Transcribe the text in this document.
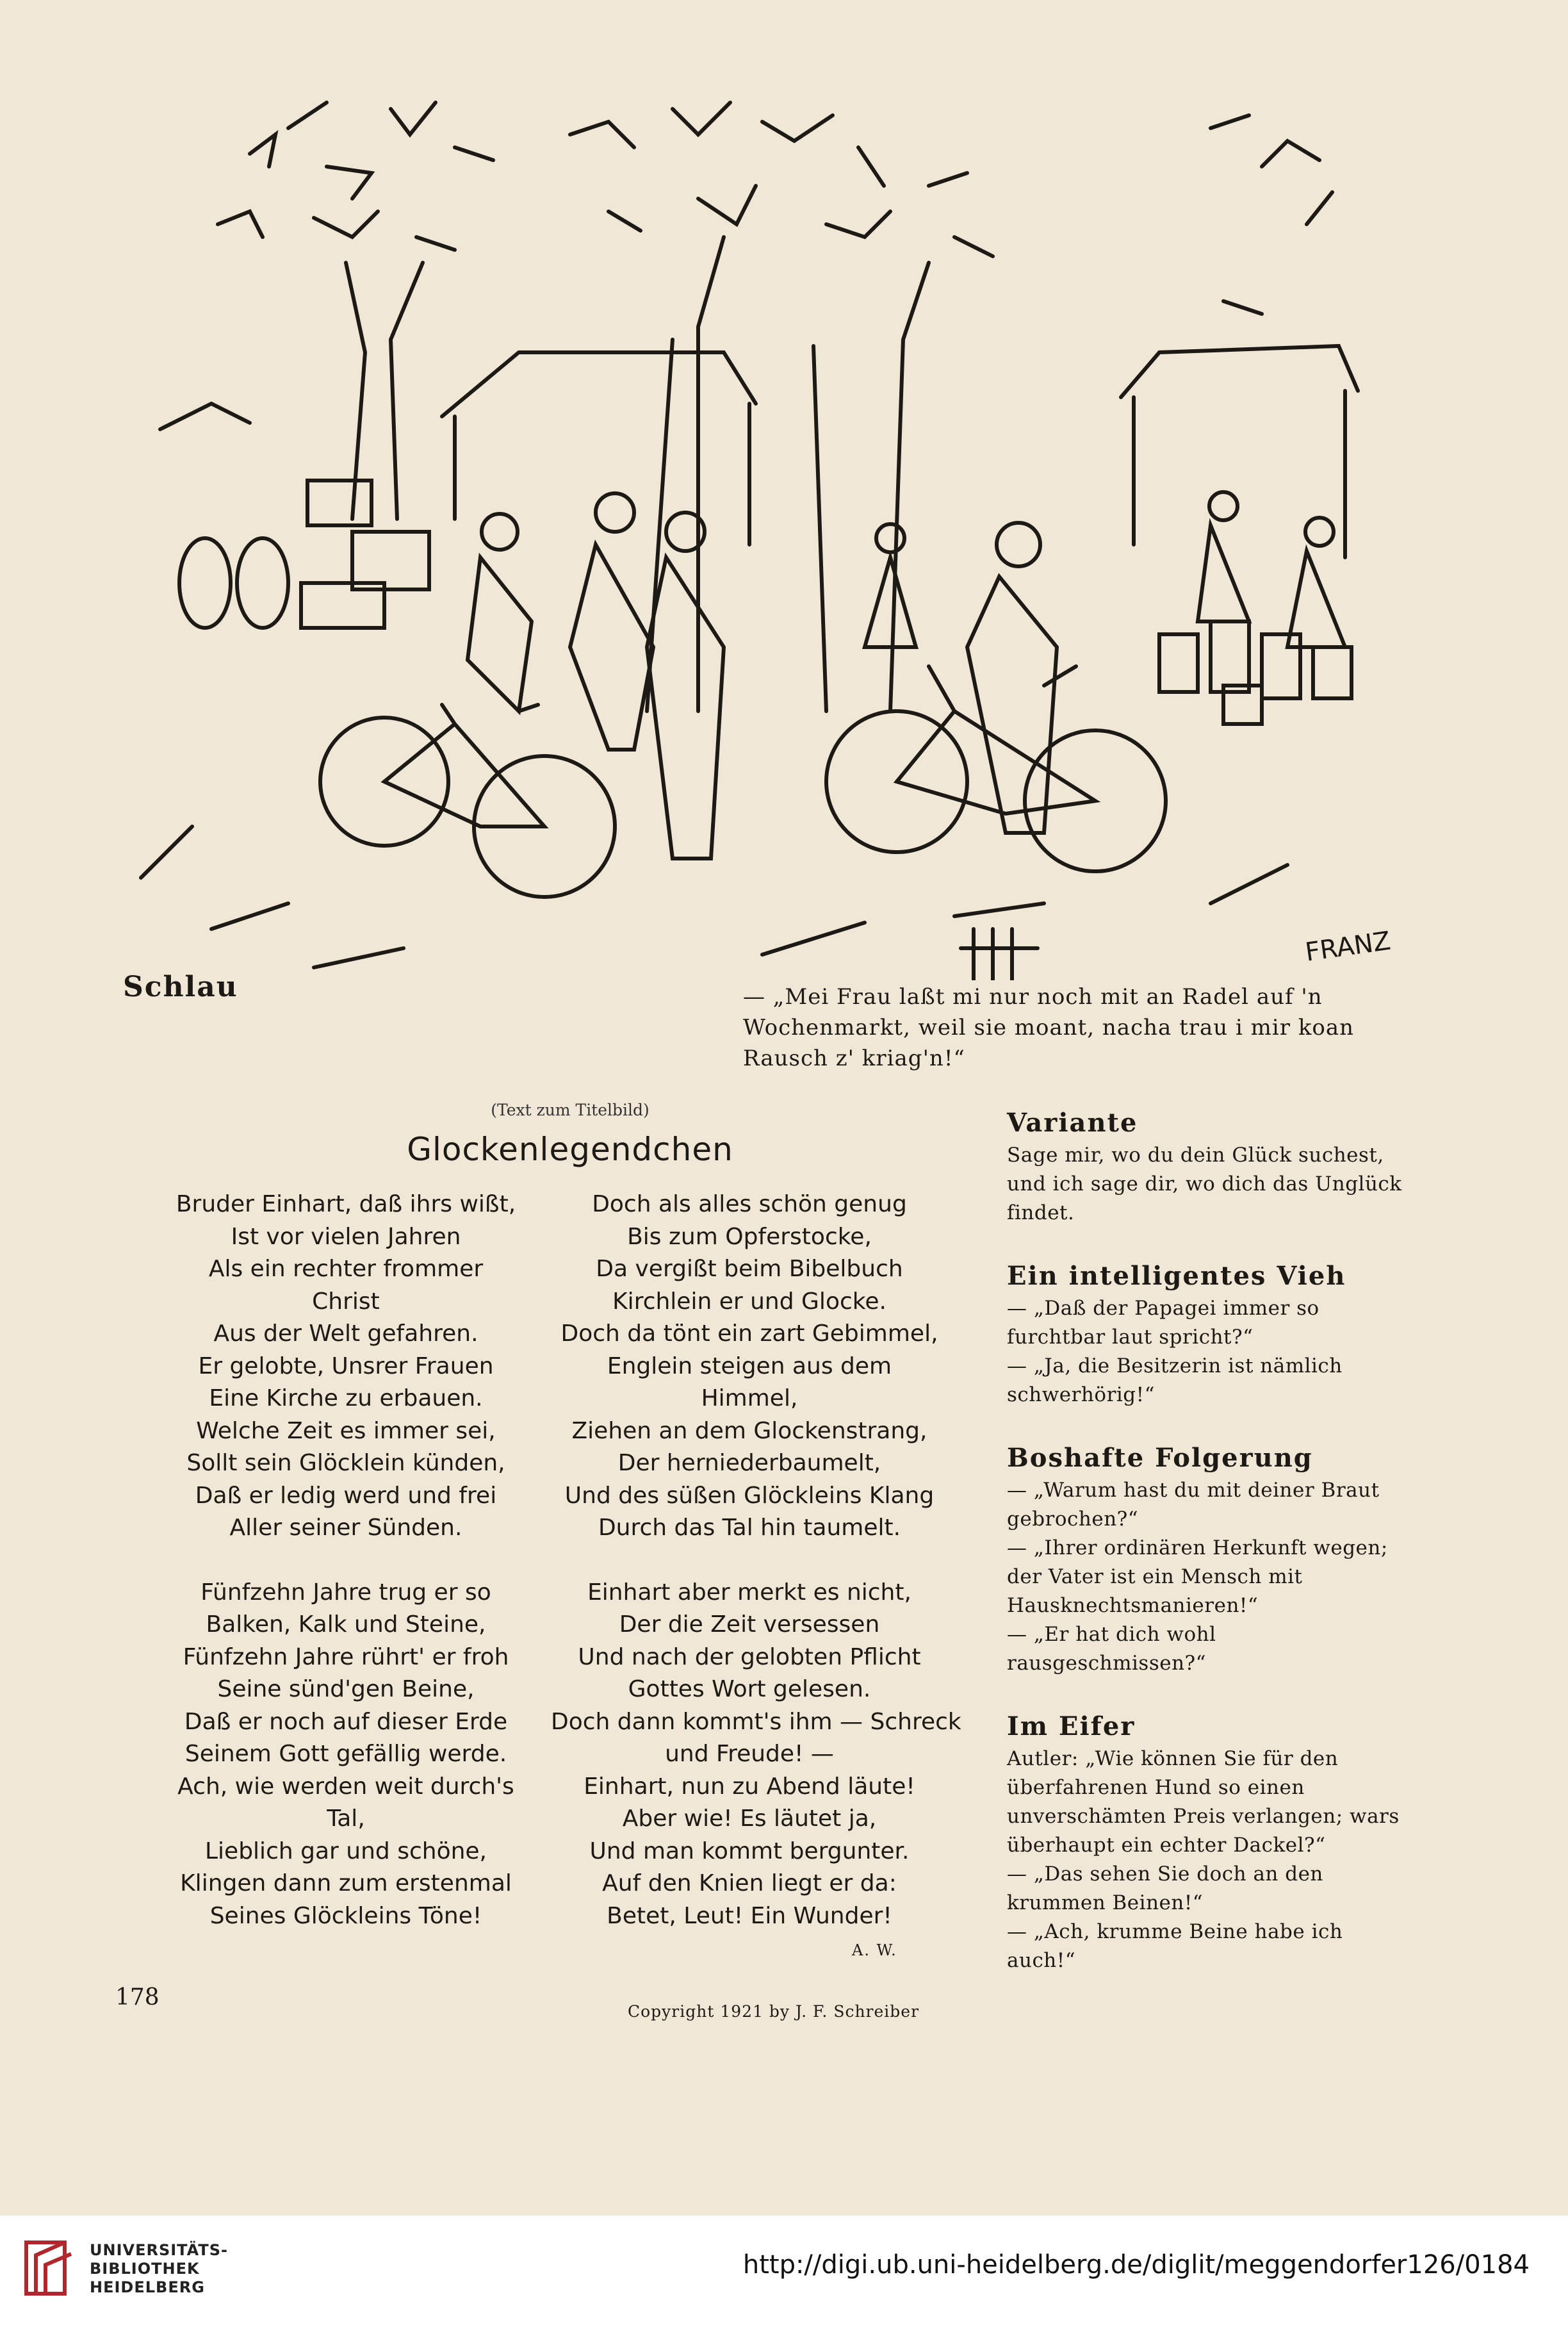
FRANZ
Schlau	— „Mei Frau laßt mi nur noch mit an Radel auf 'n Wochenmarkt, weil sie moant, nacha trau i mir koan Rausch z' kriag'n!“
(Text zum Titelbild)
Glockenlegendchen
Bruder Einhart, daß ihrs wißt,
Ist vor vielen Jahren
Als ein rechter frommer
Christ
Aus der Welt gefahren.
Er gelobte, Unsrer Frauen
Eine Kirche zu erbauen.
Welche Zeit es immer sei,
Sollt sein Glöcklein künden,
Daß er ledig werd und frei
Aller seiner Sünden.
Fünfzehn Jahre trug er so
Balken, Kalk und Steine,
Fünfzehn Jahre rührt' er froh
Seine sünd'gen Beine,
Daß er noch auf dieser Erde
Seinem Gott gefällig werde.
Ach, wie werden weit durch's
Tal,
Lieblich gar und schöne,
Klingen dann zum erstenmal
Seines Glöckleins Töne!
Doch als alles schön genug
Bis zum Opferstocke,
Da vergißt beim Bibelbuch
Kirchlein er und Glocke.
Doch da tönt ein zart Gebimmel,
Englein steigen aus dem
Himmel,
Ziehen an dem Glockenstrang,
Der herniederbaumelt,
Und des süßen Glöckleins Klang
Durch das Tal hin taumelt.
Einhart aber merkt es nicht,
Der die Zeit versessen
Und nach der gelobten Pflicht
Gottes Wort gelesen.
Doch dann kommt's ihm — Schreck
und Freude! —
Einhart, nun zu Abend läute!
Aber wie! Es läutet ja,
Und man kommt bergunter.
Auf den Knien liegt er da:
Betet, Leut! Ein Wunder!
A. W.

Variante

Sage mir, wo du dein Glück suchest, und ich sage dir, wo dich das Unglück findet.

Ein intelligentes Vieh

— „Daß der Papagei immer so furchtbar laut spricht?“

— „Ja, die Besitzerin ist nämlich schwerhörig!“

Boshafte Folgerung

— „Warum hast du mit deiner Braut gebrochen?“

— „Ihrer ordinären Herkunft wegen; der Vater ist ein Mensch mit Hausknechtsmanieren!“

— „Er hat dich wohl rausgeschmissen?“

Im Eifer

Autler: „Wie können Sie für den überfahrenen Hund so einen unverschämten Preis verlangen; wars überhaupt ein echter Dackel?“

— „Das sehen Sie doch an den krummen Beinen!“

— „Ach, krumme Beine habe ich auch!“

178
Copyright 1921 by J. F. Schreiber
UNIVERSITÄTS-
BIBLIOTHEK
HEIDELBERG
http://digi.ub.uni-heidelberg.de/diglit/meggendorfer126/0184
